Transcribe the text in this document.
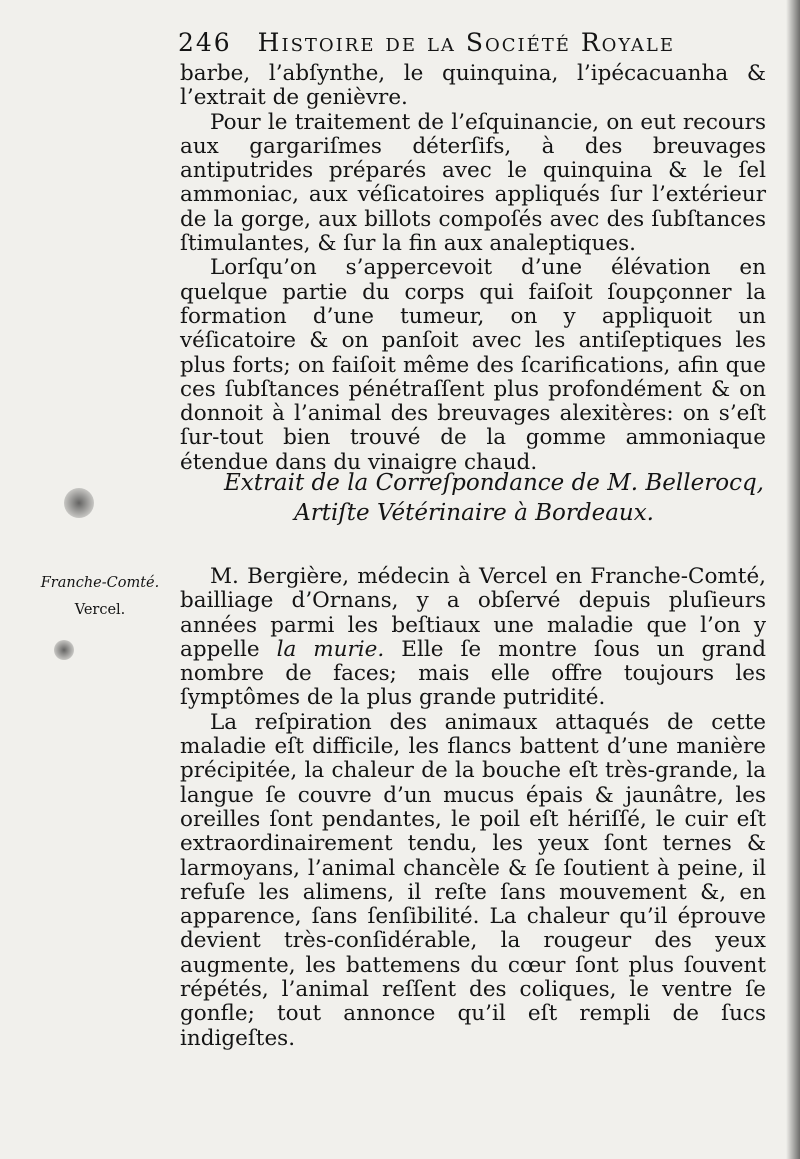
246 Histoire de la Société Royale

barbe, l’abſynthe, le quinquina, l’ipécacuanha & l’extrait de genièvre.

Pour le traitement de l’eſquinancie, on eut recours aux gargariſmes déterſifs, à des breuvages antiputrides préparés avec le quinquina & le ſel ammoniac, aux véſicatoires appliqués ſur l’extérieur de la gorge, aux billots compoſés avec des ſubſtances ſtimulantes, & ſur la fin aux analeptiques.

Lorſqu’on s’appercevoit d’une élévation en quelque partie du corps qui faiſoit ſoupçonner la formation d’une tumeur, on y appliquoit un véſicatoire & on panſoit avec les antiſeptiques les plus forts; on faiſoit même des ſcarifications, afin que ces ſubſtances pénétraſſent plus profondément & on donnoit à l’animal des breuvages alexitères: on s’eſt ſur-tout bien trouvé de la gomme ammoniaque étendue dans du vinaigre chaud.

Extrait de la Correſpondance de M. Bellerocq,
Artiſte Vétérinaire à Bordeaux.
Franche-Comté.
Vercel.

M. Bergière, médecin à Vercel en Franche-Comté, bailliage d’Ornans, y a obſervé depuis pluſieurs années parmi les beſtiaux une maladie que l’on y appelle la murie. Elle ſe montre ſous un grand nombre de faces; mais elle offre toujours les ſymptômes de la plus grande putridité.

La reſpiration des animaux attaqués de cette maladie eſt difficile, les flancs battent d’une manière précipitée, la chaleur de la bouche eſt très-grande, la langue ſe couvre d’un mucus épais & jaunâtre, les oreilles ſont pendantes, le poil eſt hériſſé, le cuir eſt extraordinairement tendu, les yeux ſont ternes & larmoyans, l’animal chancèle & ſe ſoutient à peine, il refuſe les alimens, il reſte ſans mouvement &, en apparence, ſans ſenſibilité. La chaleur qu’il éprouve devient très-conſidérable, la rougeur des yeux augmente, les battemens du cœur ſont plus ſouvent répétés, l’animal reſſent des coliques, le ventre ſe gonfle; tout annonce qu’il eſt rempli de ſucs indigeſtes.
